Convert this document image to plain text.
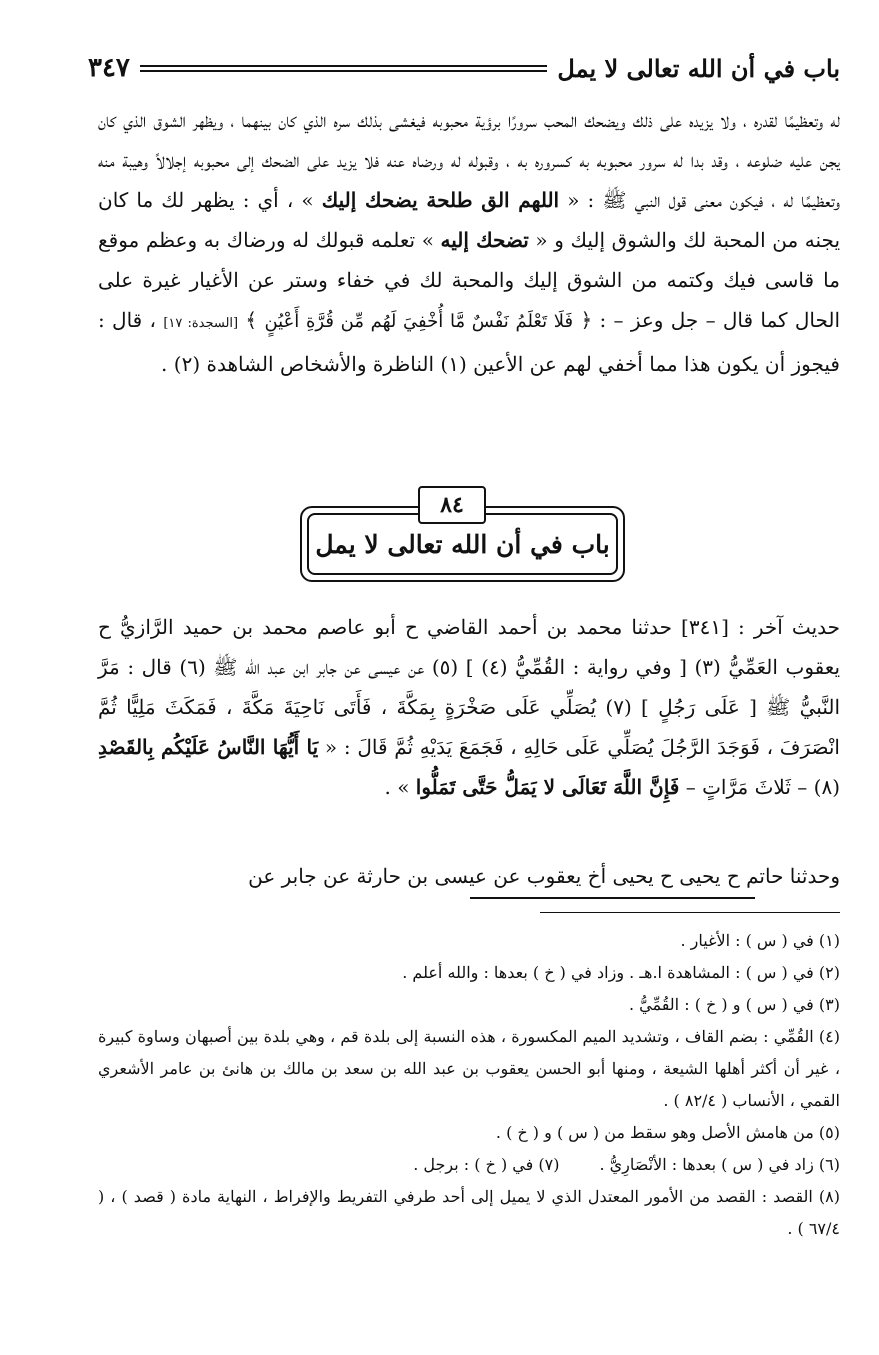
باب في أن الله تعالى لا يمل
٣٤٧

له وتعظيمًا لقدره ، ولا يزيده على ذلك ويضحك المحب سرورًا برؤية محبوبه فيغشى بذلك سره الذي كان بينهما ، ويظهر الشوق الذي كان يجن عليه ضلوعه ، وقد بدا له سرور محبوبه به كسروره به ، وقبوله له ورضاه عنه فلا يزيد على الضحك إلى محبوبه إجلالاً وهيبة منه وتعظيمًا له ، فيكون معنى قول النبي ﷺ : « اللهم الق طلحة يضحك إليك » ، أي : يظهر لك ما كان يجنه من المحبة لك والشوق إليك و « تضحك إليه » تعلمه قبولك له ورضاك به وعظم موقع ما قاسى فيك وكتمه من الشوق إليك والمحبة لك في خفاء وستر عن الأغيار غيرة على الحال كما قال – جل وعز – : ﴿ فَلَا تَعْلَمُ نَفْسٌ مَّا أُخْفِيَ لَهُم مِّن قُرَّةِ أَعْيُنٍ ﴾ [السجدة: ١٧] ، قال : فيجوز أن يكون هذا مما أخفي لهم عن الأعين (١) الناظرة والأشخاص الشاهدة (٢) .

باب في أن الله تعالى لا يمل
٨٤

حديث آخر : [٣٤١] حدثنا محمد بن أحمد القاضي ح أبو عاصم محمد بن حميد الرَّازيُّ ح يعقوب العَمِّيُّ (٣) [ وفي رواية : القُمِّيُّ (٤) ] (٥) عن عيسى عن جابر ابن عبد الله ﷺ (٦) قال : مَرَّ النَّبيُّ ﷺ [ عَلَى رَجُلٍ ] (٧) يُصَلِّي عَلَى صَخْرَةٍ بِمَكَّةَ ، فَأَتَى نَاحِيَةَ مَكَّةَ ، فَمَكَثَ مَلِيًّا ثُمَّ انْصَرَفَ ، فَوَجَدَ الرَّجُلَ يُصَلِّي عَلَى حَالِهِ ، فَجَمَعَ يَدَيْهِ ثُمَّ قَالَ : « يَا أَيُّهَا النَّاسُ عَلَيْكُم بِالقَصْدِ (٨) – ثَلاثَ مَرَّاتٍ – فَإِنَّ اللَّهَ تَعَالَى لا يَمَلُّ حَتَّى تَمَلُّوا » .

وحدثنا حاتم ح يحيى ح يحيى أخ يعقوب عن عيسى بن حارثة عن جابر عن

(١) في ( س ) : الأغيار .
(٢) في ( س ) : المشاهدة ا.هـ . وزاد في ( خ ) بعدها : والله أعلم .
(٣) في ( س ) و ( خ ) : القُمِّيُّ .
(٤) القُمِّي : بضم القاف ، وتشديد الميم المكسورة ، هذه النسبة إلى بلدة قم ، وهي بلدة بين أصبهان وساوة كبيرة ، غير أن أكثر أهلها الشيعة ، ومنها أبو الحسن يعقوب بن عبد الله بن سعد بن مالك بن هانئ بن عامر الأشعري القمي ، الأنساب ( ٨٢/٤ ) .
(٥) من هامش الأصل وهو سقط من ( س ) و ( خ ) .
(٦) زاد في ( س ) بعدها : الأنْصَارِيُّ .(٧) في ( خ ) : برجل .
(٨) القصد : القصد من الأمور المعتدل الذي لا يميل إلى أحد طرفي التفريط والإفراط ، النهاية مادة ( قصد ) ، ( ٦٧/٤ ) .
